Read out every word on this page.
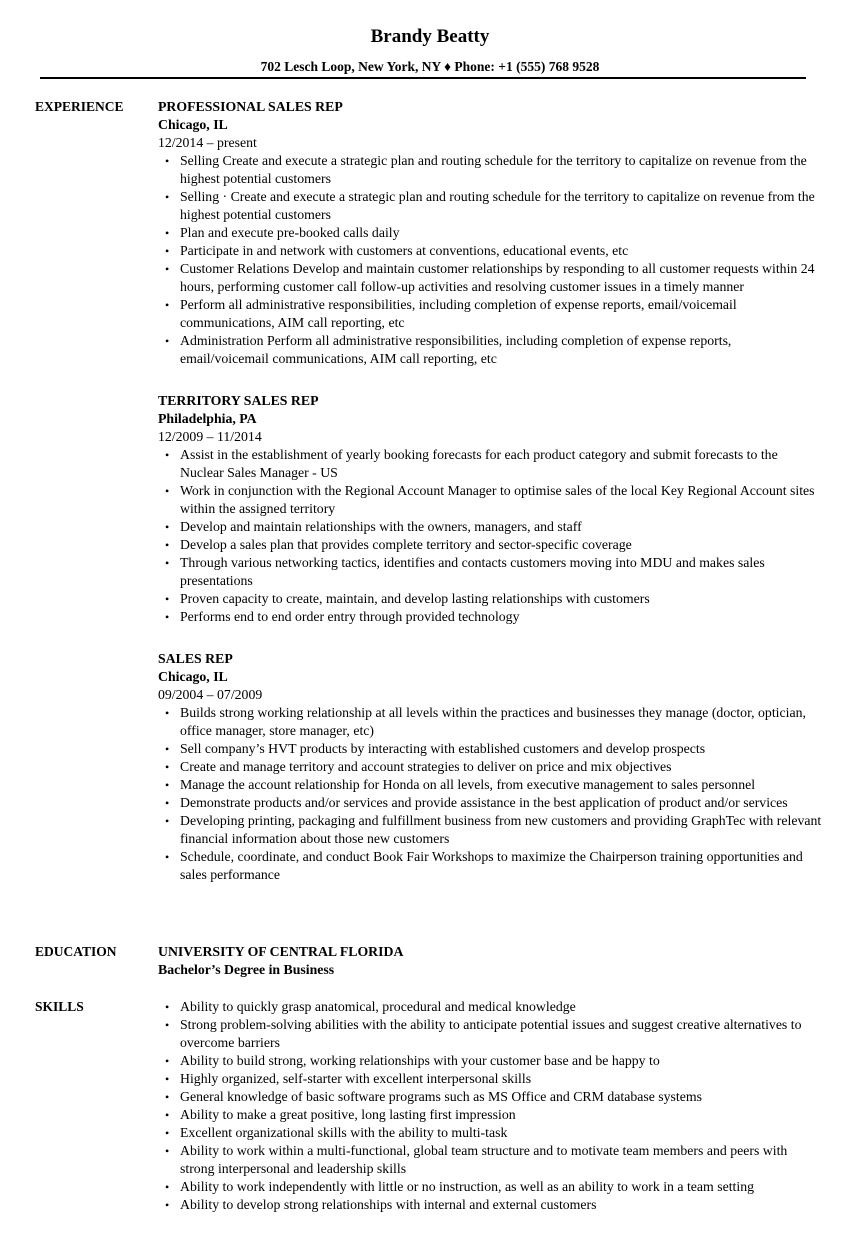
Brandy Beatty
702 Lesch Loop, New York, NY ♦ Phone: +1 (555) 768 9528
EXPERIENCE PROFESSIONAL SALES REP
Chicago, IL
12/2014 – present
• Selling Create and execute a strategic plan and routing schedule for the territory to capitalize on revenue from the highest potential customers
• Selling · Create and execute a strategic plan and routing schedule for the territory to capitalize on revenue from the highest potential customers
• Plan and execute pre-booked calls daily
• Participate in and network with customers at conventions, educational events, etc
• Customer Relations Develop and maintain customer relationships by responding to all customer requests within 24 hours, performing customer call follow-up activities and resolving customer issues in a timely manner
• Perform all administrative responsibilities, including completion of expense reports, email/voicemail communications, AIM call reporting, etc
• Administration Perform all administrative responsibilities, including completion of expense reports, email/voicemail communications, AIM call reporting, etc
TERRITORY SALES REP
Philadelphia, PA
12/2009 – 11/2014
• Assist in the establishment of yearly booking forecasts for each product category and submit forecasts to the Nuclear Sales Manager - US
• Work in conjunction with the Regional Account Manager to optimise sales of the local Key Regional Account sites within the assigned territory
• Develop and maintain relationships with the owners, managers, and staff
• Develop a sales plan that provides complete territory and sector-specific coverage
• Through various networking tactics, identifies and contacts customers moving into MDU and makes sales presentations
• Proven capacity to create, maintain, and develop lasting relationships with customers
• Performs end to end order entry through provided technology
SALES REP
Chicago, IL
09/2004 – 07/2009
• Builds strong working relationship at all levels within the practices and businesses they manage (doctor, optician, office manager, store manager, etc)
• Sell company’s HVT products by interacting with established customers and develop prospects
• Create and manage territory and account strategies to deliver on price and mix objectives
• Manage the account relationship for Honda on all levels, from executive management to sales personnel
• Demonstrate products and/or services and provide assistance in the best application of product and/or services
• Developing printing, packaging and fulfillment business from new customers and providing GraphTec with relevant financial information about those new customers
• Schedule, coordinate, and conduct Book Fair Workshops to maximize the Chairperson training opportunities and sales performance
EDUCATION	UNIVERSITY OF CENTRAL FLORIDA
Bachelor’s Degree in Business
SKILLS
•	Ability to quickly grasp anatomical, procedural and medical knowledge
• Strong problem-solving abilities with the ability to anticipate potential issues and suggest creative alternatives to overcome barriers
• Ability to build strong, working relationships with your customer base and be happy to
• Highly organized, self-starter with excellent interpersonal skills
• General knowledge of basic software programs such as MS Office and CRM database systems
• Ability to make a great positive, long lasting first impression
• Excellent organizational skills with the ability to multi-task
• Ability to work within a multi-functional, global team structure and to motivate team members and peers with strong interpersonal and leadership skills
• Ability to work independently with little or no instruction, as well as an ability to work in a team setting
• Ability to develop strong relationships with internal and external customers
